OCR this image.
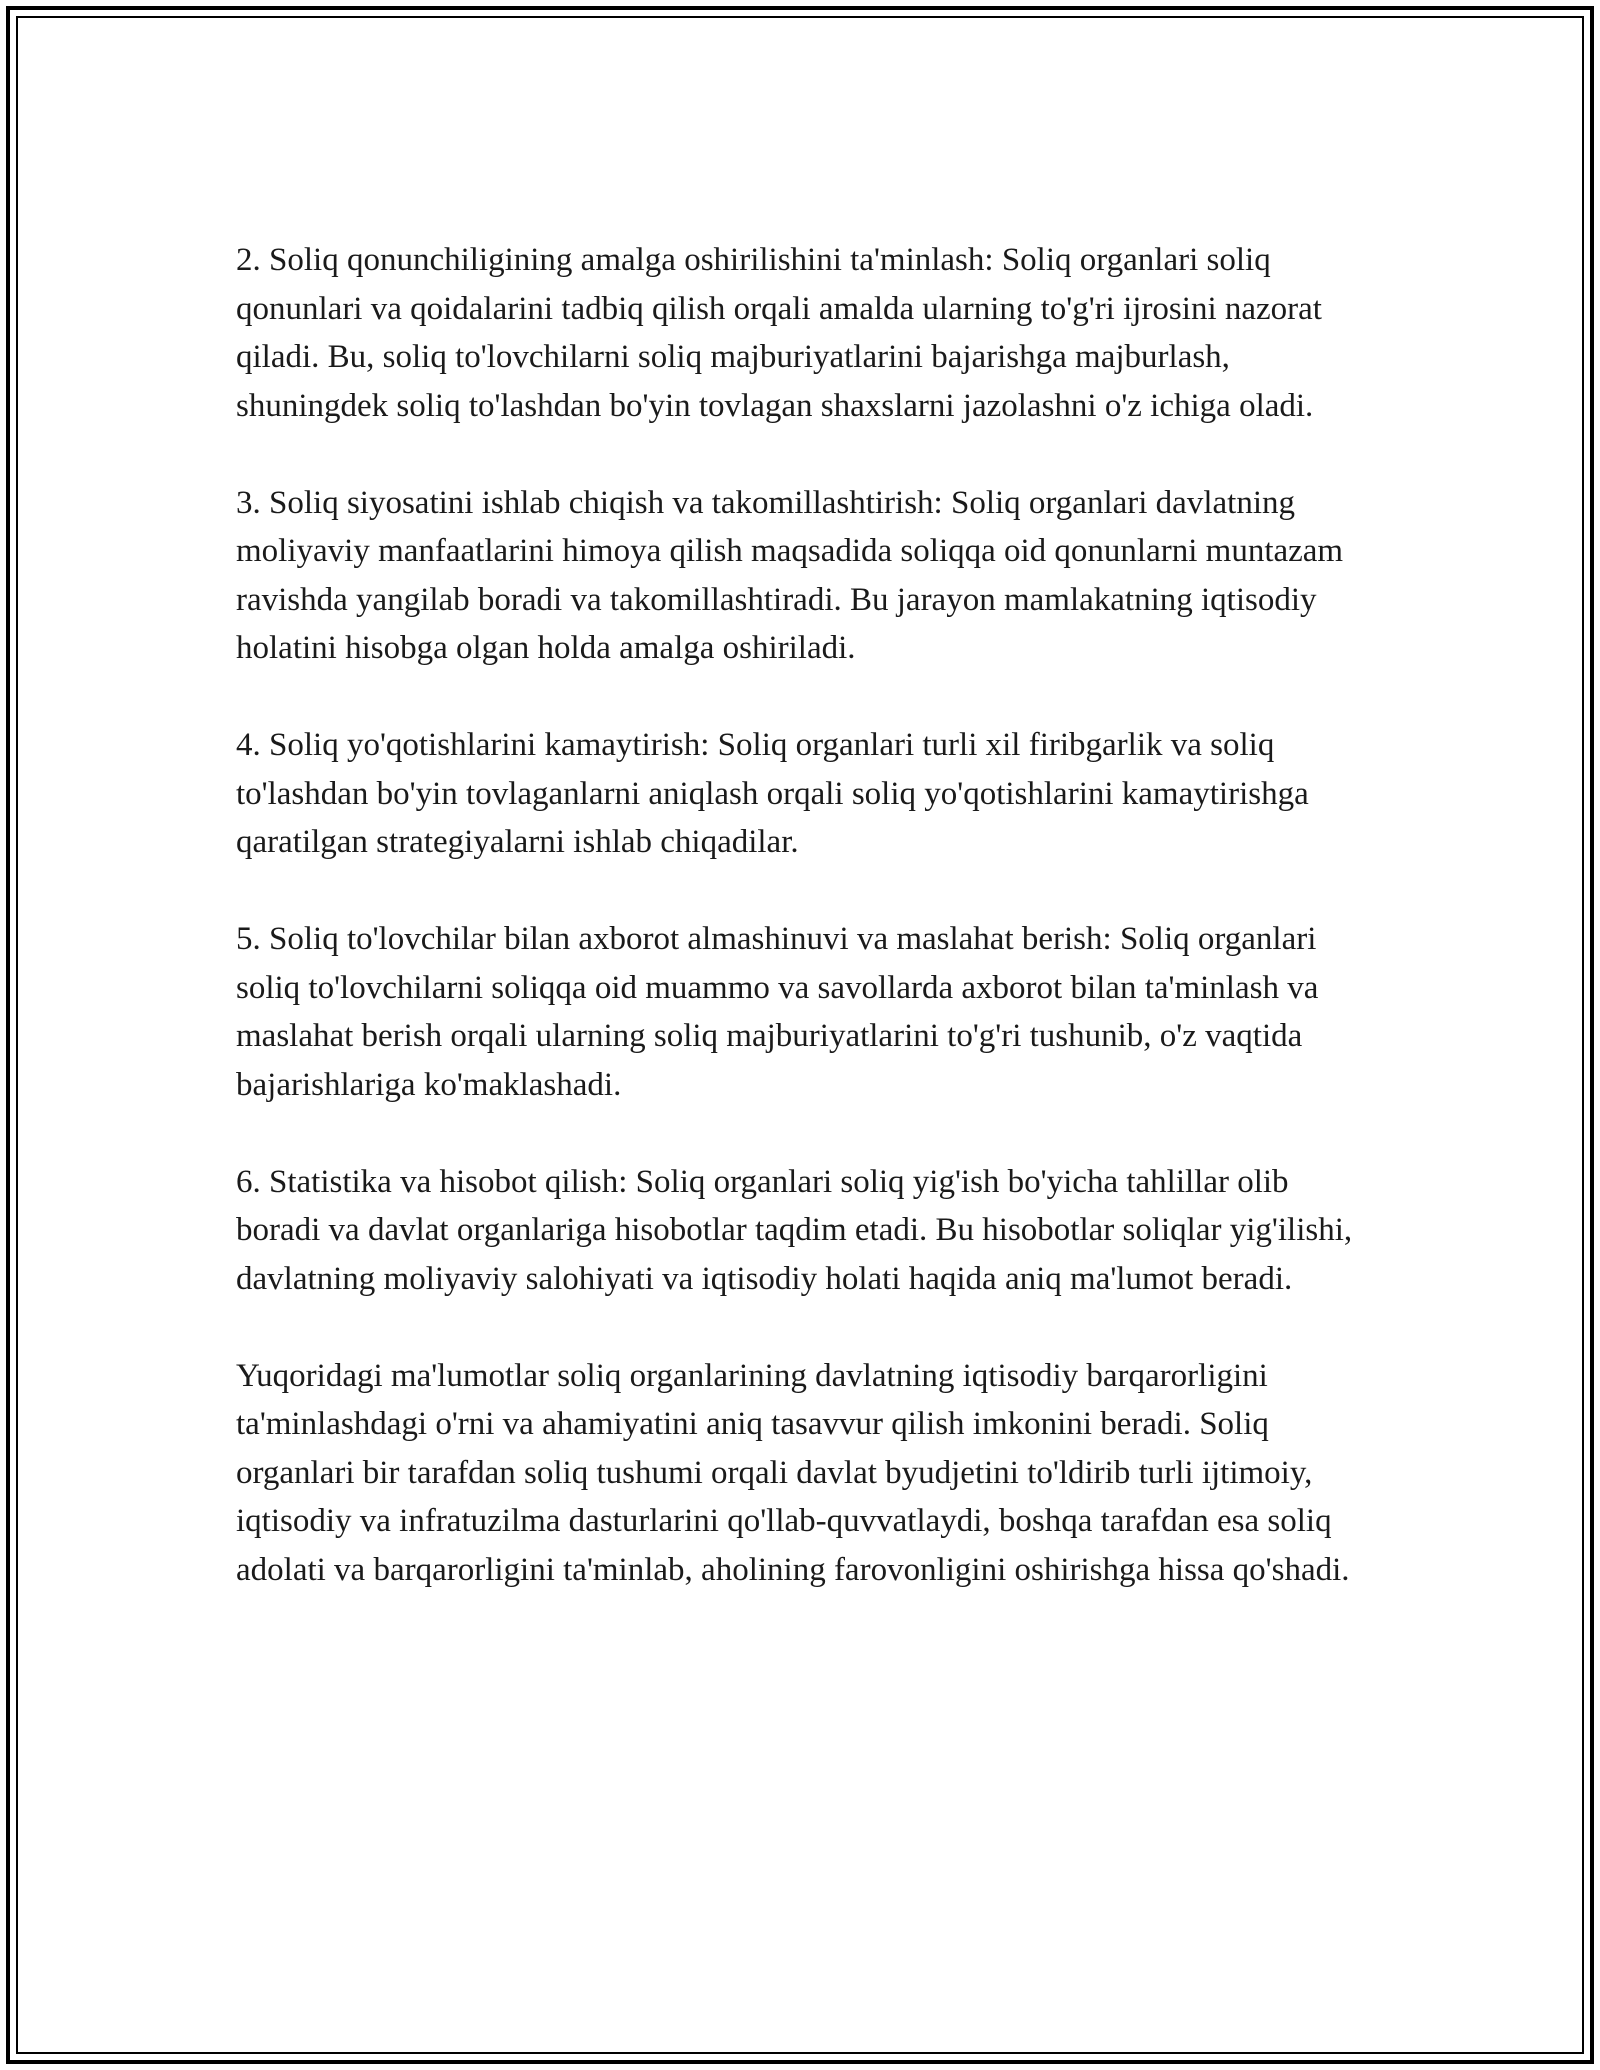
2. Soliq qonunchiligining amalga oshirilishini ta'minlash: Soliq organlari soliq qonunlari va qoidalarini tadbiq qilish orqali amalda ularning to'g'ri ijrosini nazorat qiladi. Bu, soliq to'lovchilarni soliq majburiyatlarini bajarishga majburlash, shuningdek soliq to'lashdan bo'yin tovlagan shaxslarni jazolashni o'z ichiga oladi.

3. Soliq siyosatini ishlab chiqish va takomillashtirish: Soliq organlari davlatning moliyaviy manfaatlarini himoya qilish maqsadida soliqqa oid qonunlarni muntazam ravishda yangilab boradi va takomillashtiradi. Bu jarayon mamlakatning iqtisodiy holatini hisobga olgan holda amalga oshiriladi.

4. Soliq yo'qotishlarini kamaytirish: Soliq organlari turli xil firibgarlik va soliq to'lashdan bo'yin tovlaganlarni aniqlash orqali soliq yo'qotishlarini kamaytirishga qaratilgan strategiyalarni ishlab chiqadilar.

5. Soliq to'lovchilar bilan axborot almashinuvi va maslahat berish: Soliq organlari soliq to'lovchilarni soliqqa oid muammo va savollarda axborot bilan ta'minlash va maslahat berish orqali ularning soliq majburiyatlarini to'g'ri tushunib, o'z vaqtida bajarishlariga ko'maklashadi.

6. Statistika va hisobot qilish: Soliq organlari soliq yig'ish bo'yicha tahlillar olib boradi va davlat organlariga hisobotlar taqdim etadi. Bu hisobotlar soliqlar yig'ilishi, davlatning moliyaviy salohiyati va iqtisodiy holati haqida aniq ma'lumot beradi.

Yuqoridagi ma'lumotlar soliq organlarining davlatning iqtisodiy barqarorligini ta'minlashdagi o'rni va ahamiyatini aniq tasavvur qilish imkonini beradi. Soliq organlari bir tarafdan soliq tushumi orqali davlat byudjetini to'ldirib turli ijtimoiy, iqtisodiy va infratuzilma dasturlarini qo'llab-quvvatlaydi, boshqa tarafdan esa soliq adolati va barqarorligini ta'minlab, aholining farovonligini oshirishga hissa qo'shadi.
